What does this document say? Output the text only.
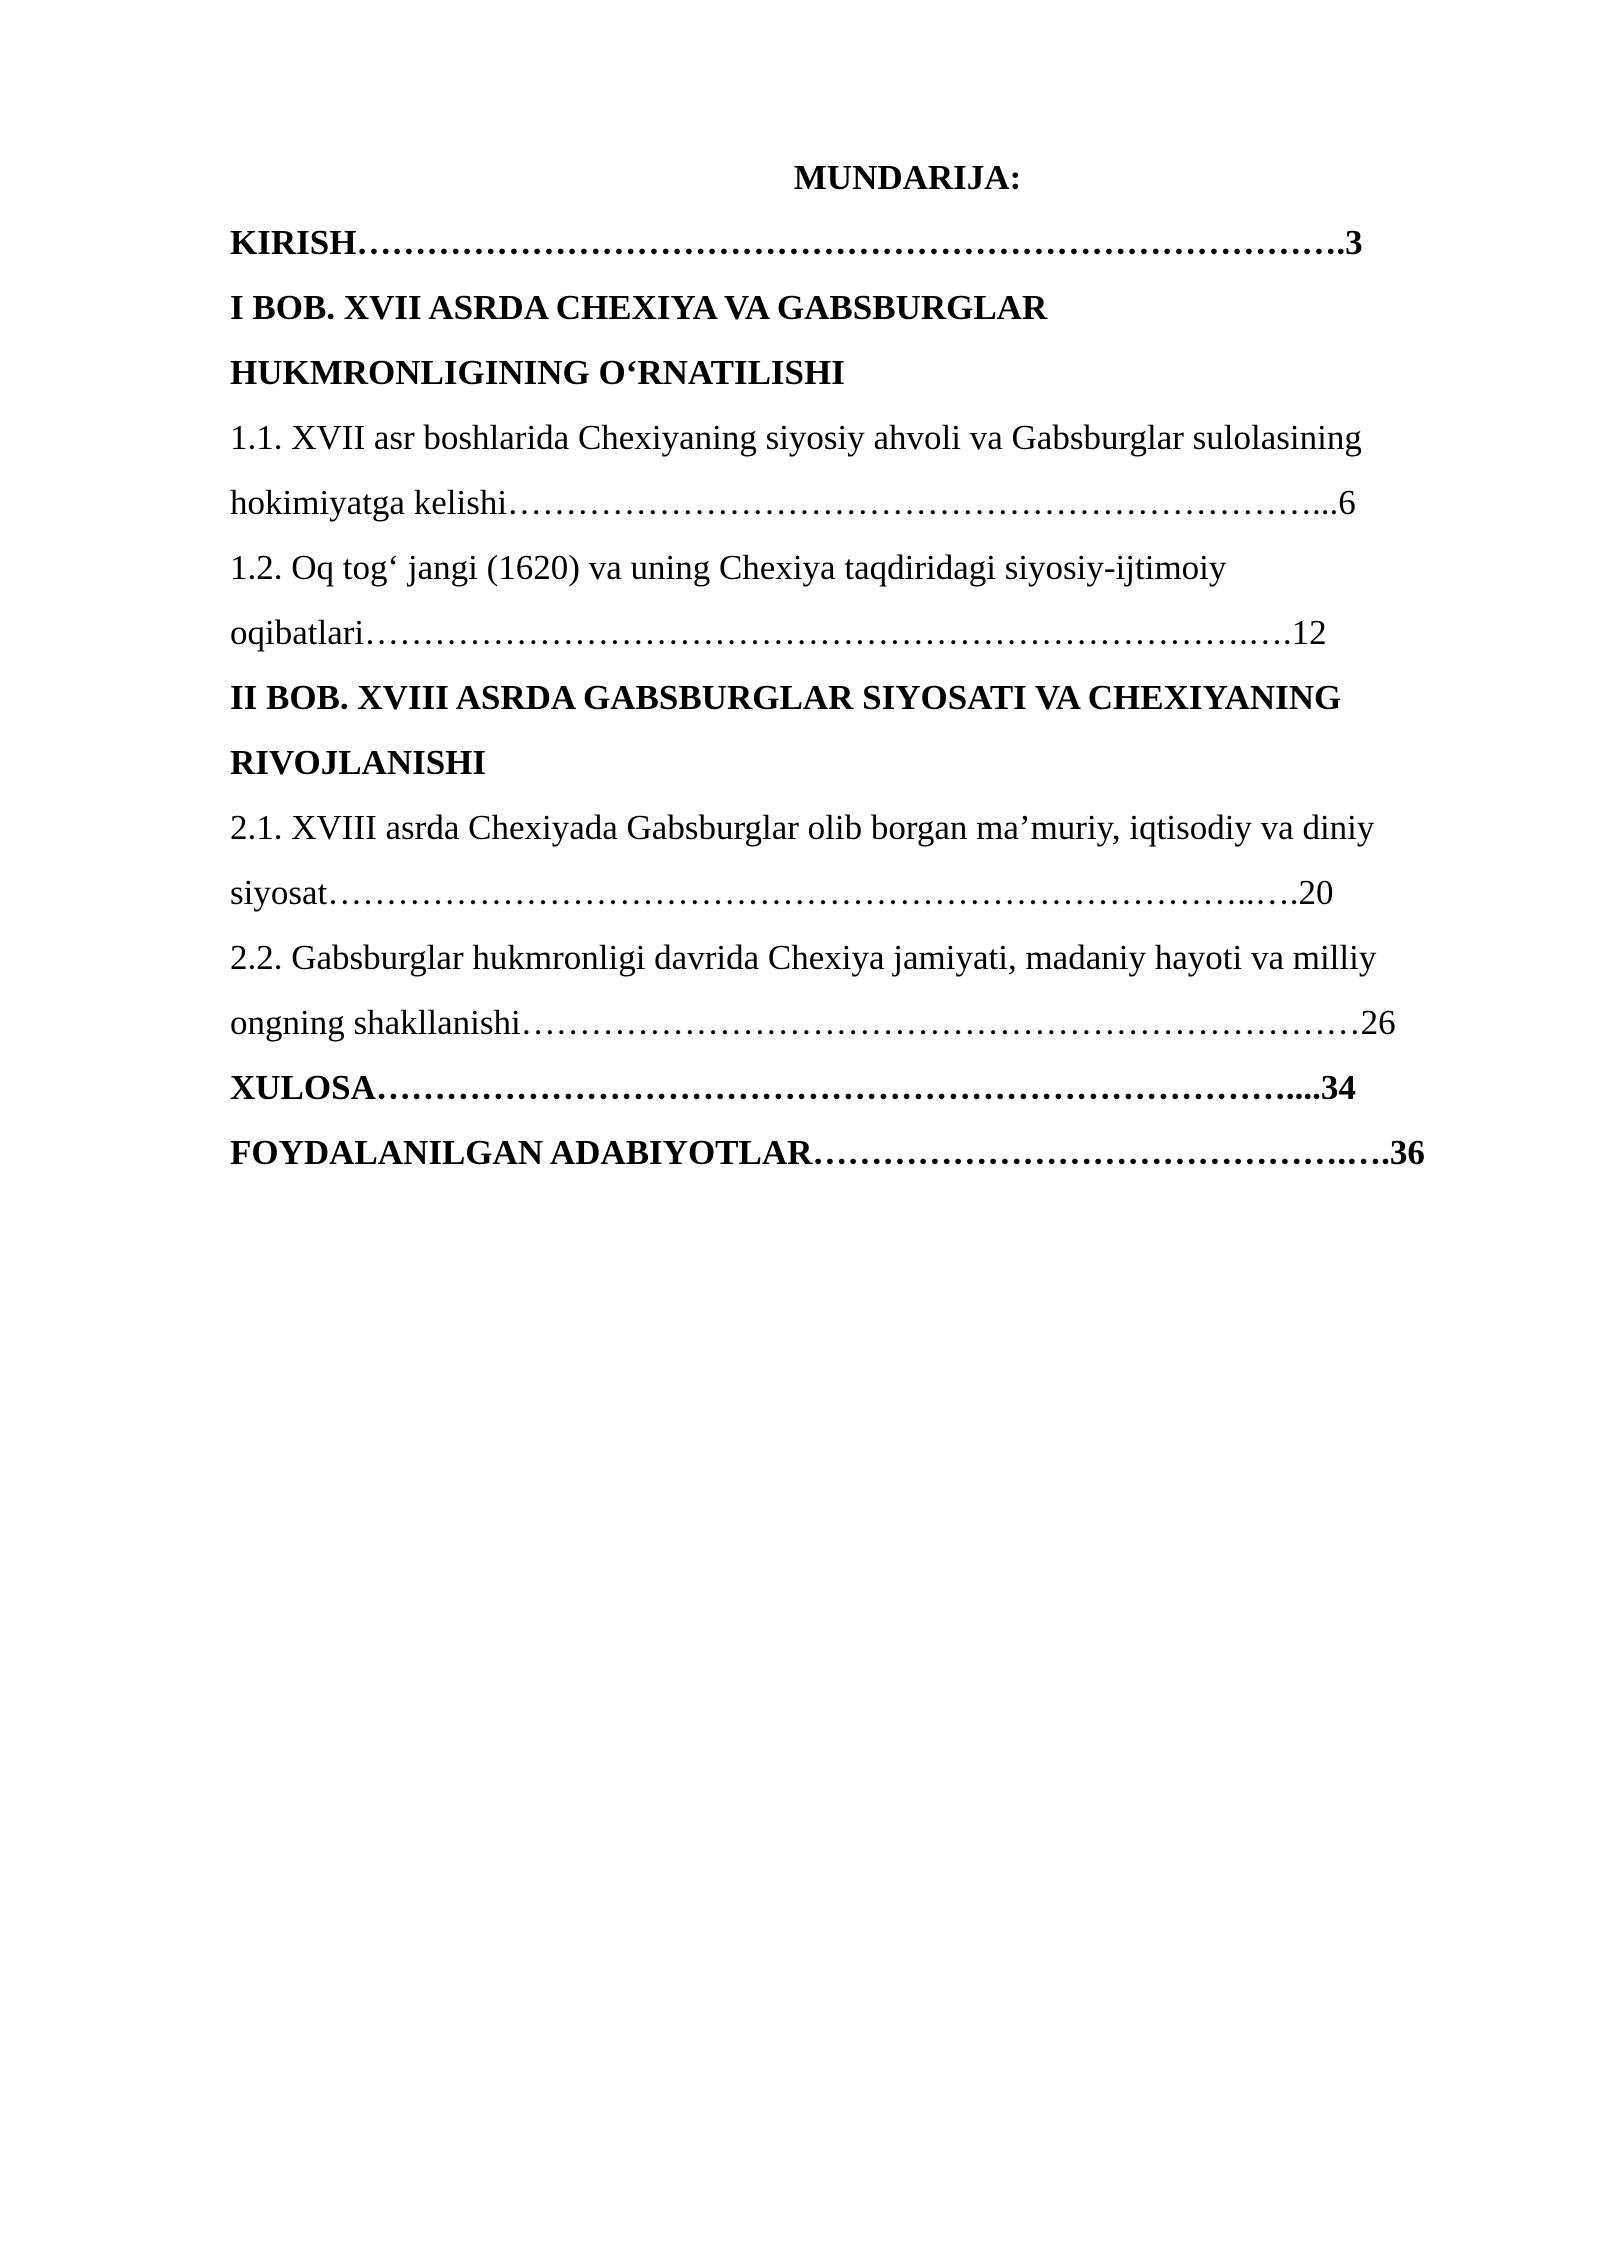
MUNDARIJA:
KIRISH………………………………………………………………………….3
I BOB. XVII ASRDA CHEXIYA VA GABSBURGLAR
HUKMRONLIGINING O‘RNATILISHI
1.1. XVII asr boshlarida Chexiyaning siyosiy ahvoli va Gabsburglar sulolasining
hokimiyatga kelishi……………………………………………………………...6
1.2. Oq tog‘ jangi (1620) va uning Chexiya taqdiridagi siyosiy-ijtimoiy
oqibatlari………………………………………………………………….….12
II BOB. XVIII ASRDA GABSBURGLAR SIYOSATI VA CHEXIYANING
RIVOJLANISHI
2.1. XVIII asrda Chexiyada Gabsburglar olib borgan ma’muriy, iqtisodiy va diniy
siyosat……………………………………………………………………..….20
2.2. Gabsburglar hukmronligi davrida Chexiya jamiyati, madaniy hayoti va milliy
ongning shakllanishi………………………………………………………………26
XULOSA……………………………………………………………………....34
FOYDALANILGAN ADABIYOTLAR……………………………………….….36
